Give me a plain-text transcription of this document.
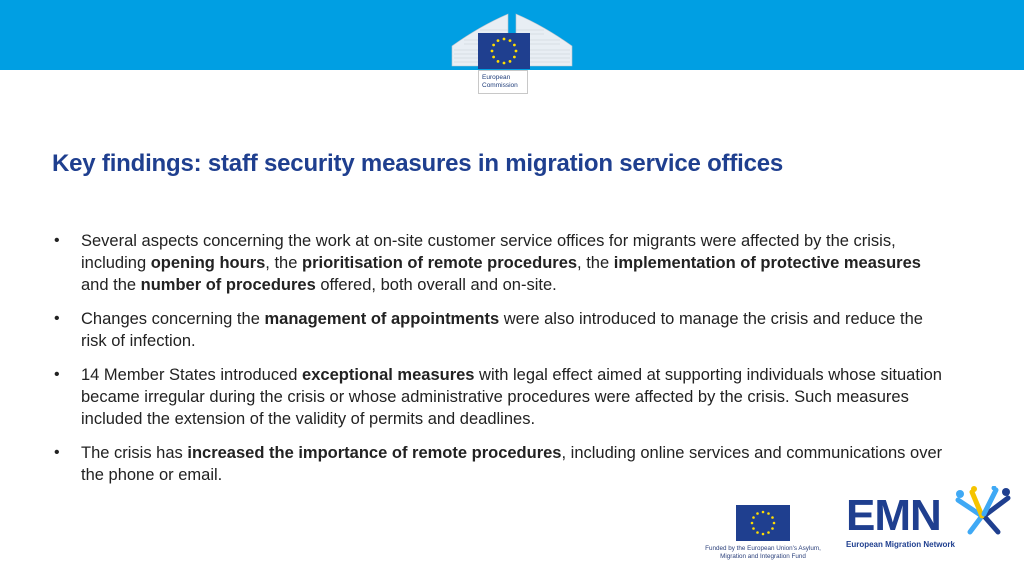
European
Commission
Key findings: staff security measures in migration service offices
• Several aspects concerning the work at on-site customer service offices for migrants were affected by the crisis, including opening hours, the prioritisation of remote procedures, the implementation of protective measures and the number of procedures offered, both overall and on-site.
• Changes concerning the management of appointments were also introduced to manage the crisis and reduce the risk of infection.
• 14 Member States introduced exceptional measures with legal effect aimed at supporting individuals whose situation became irregular during the crisis or whose administrative procedures were affected by the crisis. Such measures included the extension of the validity of permits and deadlines.
• The crisis has increased the importance of remote procedures, including online services and communications over the phone or email.
Funded by the European Union's Asylum,
Migration and Integration Fund
EMN
European Migration Network
